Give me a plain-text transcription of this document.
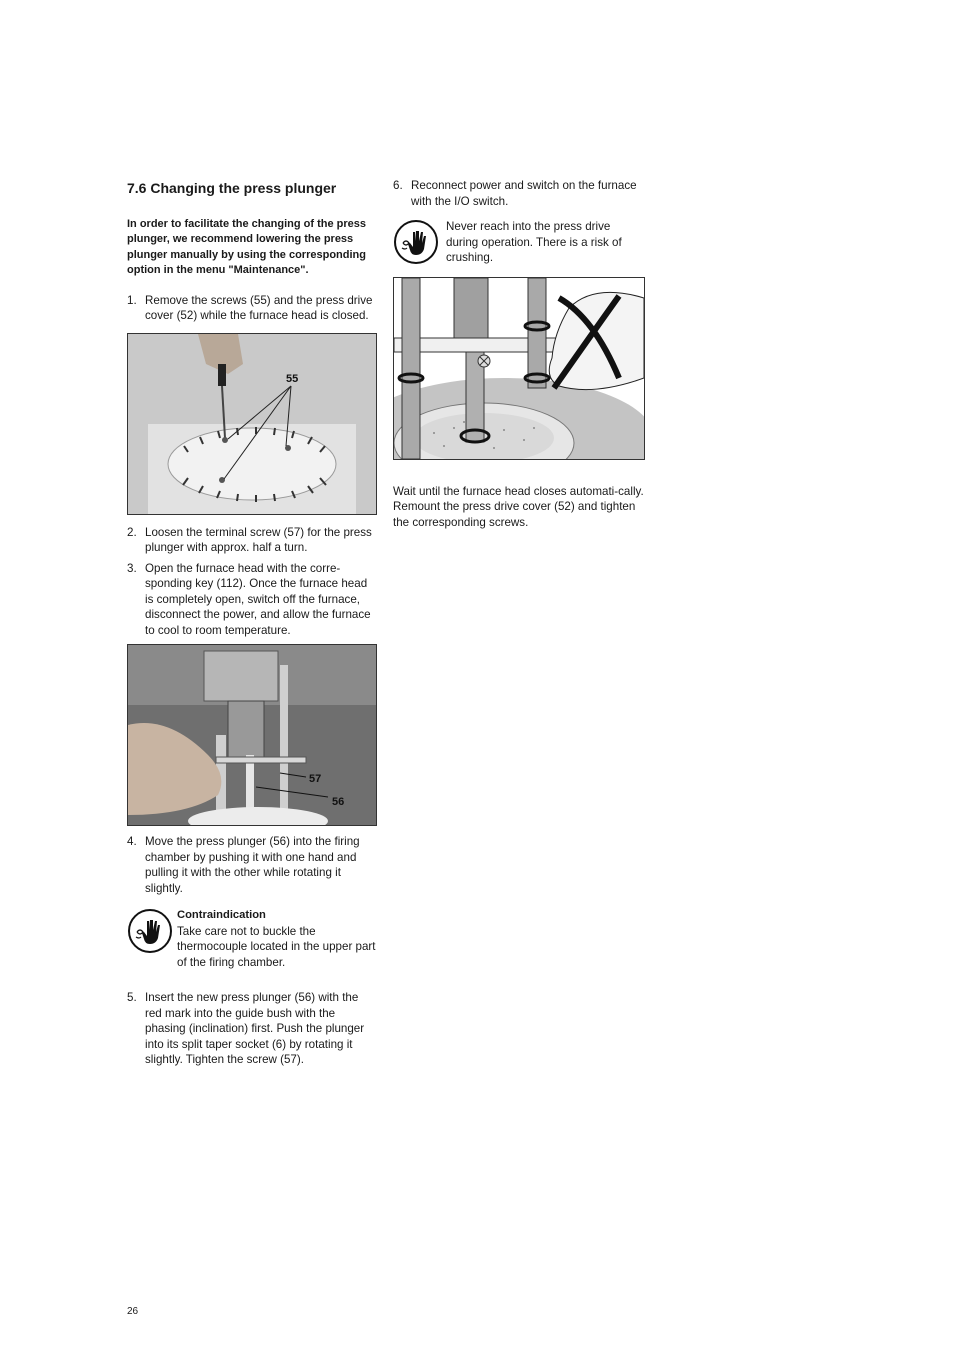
7.6 Changing the press plunger

In order to facilitate the changing of the press plunger, we recommend lowering the press plunger manually by using the corresponding option in the menu "Maintenance".

1. Remove the screws (55) and the press drive cover (52) while the furnace head is closed.
55
2. Loosen the terminal screw (57) for the press plunger with approx. half a turn.
3. Open the furnace head with the corre-sponding key (112). Once the furnace head is completely open, switch off the furnace, disconnect the power, and allow the furnace to cool to room temperature.
57
56
4. Move the press plunger (56) into the firing chamber by pushing it with one hand and pulling it with the other while rotating it slightly.
Contraindication
Take care not to buckle the thermocouple located in the upper part of the firing chamber.
5. Insert the new press plunger (56) with the red mark into the guide bush with the phasing (inclination) first. Push the plunger into its split taper socket (6) by rotating it slightly. Tighten the screw (57).
6. Reconnect power and switch on the furnace with the I/O switch.
Never reach into the press drive during operation. There is a risk of crushing.

Wait until the furnace head closes automati-cally. Remount the press drive cover (52) and tighten the corresponding screws.

26
